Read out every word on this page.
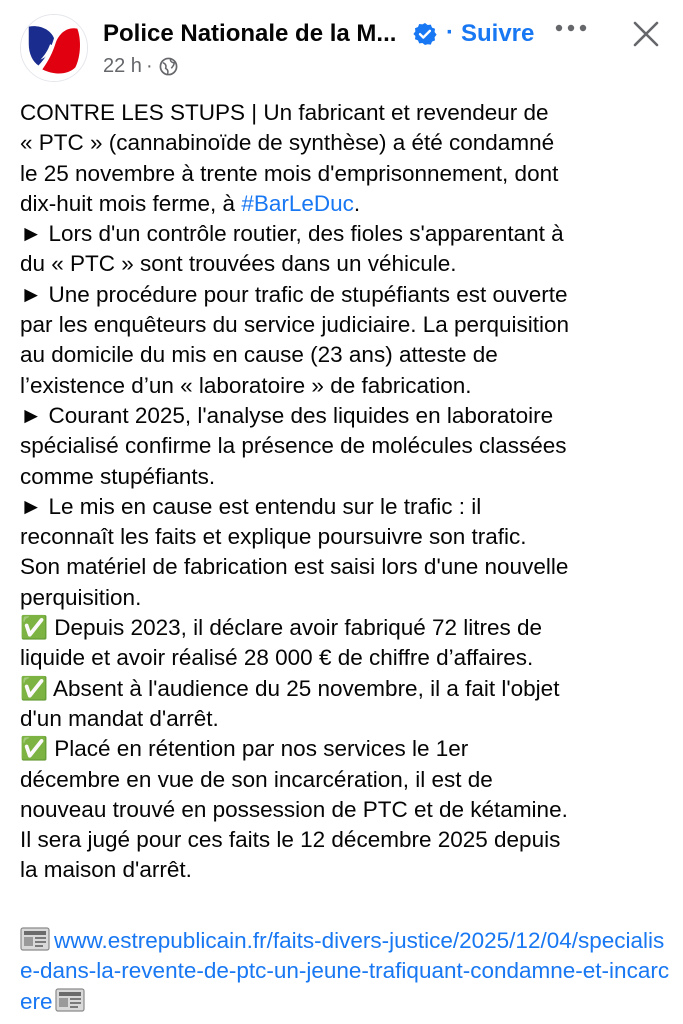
Police Nationale de la M... · Suivre
22 h ·

CONTRE LES STUPS | Un fabricant et revendeur de
« PTC » (cannabinoïde de synthèse) a été condamné
le 25 novembre à trente mois d'emprisonnement, dont
dix-huit mois ferme, à #BarLeDuc.
► Lors d'un contrôle routier, des fioles s'apparentant à
du « PTC » sont trouvées dans un véhicule.
► Une procédure pour trafic de stupéfiants est ouverte
par les enquêteurs du service judiciaire. La perquisition
au domicile du mis en cause (23 ans) atteste de
l’existence d’un « laboratoire » de fabrication.
► Courant 2025, l'analyse des liquides en laboratoire
spécialisé confirme la présence de molécules classées
comme stupéfiants.
► Le mis en cause est entendu sur le trafic : il
reconnaît les faits et explique poursuivre son trafic.
Son matériel de fabrication est saisi lors d'une nouvelle
perquisition.
✅ Depuis 2023, il déclare avoir fabriqué 72 litres de
liquide et avoir réalisé 28 000 € de chiffre d’affaires.
✅ Absent à l'audience du 25 novembre, il a fait l'objet
d'un mandat d'arrêt.
✅ Placé en rétention par nos services le 1er
décembre en vue de son incarcération, il est de
nouveau trouvé en possession de PTC et de kétamine.
Il sera jugé pour ces faits le 12 décembre 2025 depuis
la maison d'arrêt.

www.estrepublicain.fr/faits-divers-justice/2025/12/04/specialise-dans-la-revente-de-ptc-un-jeune-trafiquant-condamne-et-incarcere
